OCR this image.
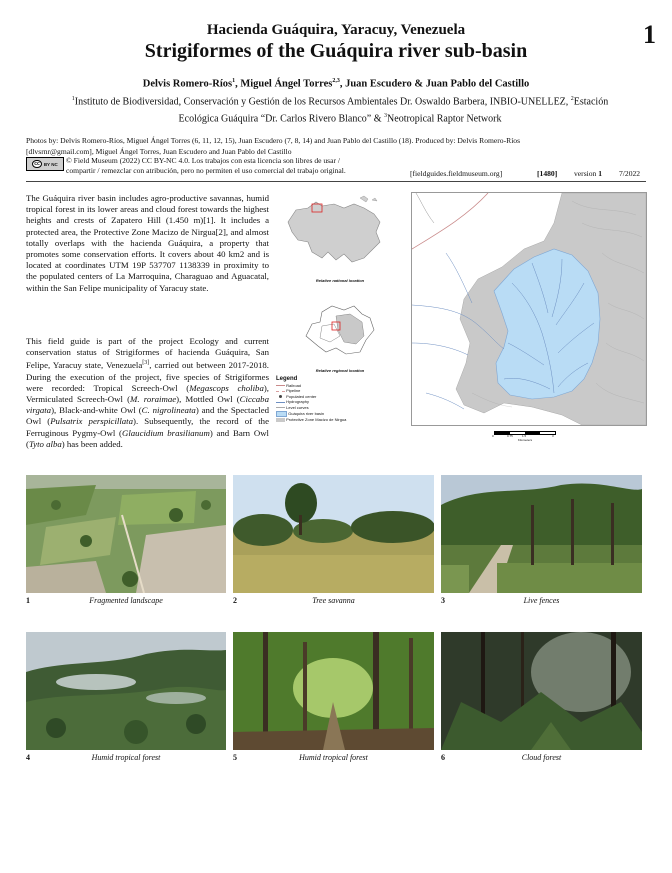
Hacienda Guáquira, Yaracuy, Venezuela	1
Strigiformes of the Guáquira river sub-basin
Delvis Romero-Ríos$^1$, Miguel Ángel Torres$^{2,3}$, Juan Escudero & Juan Pablo del Castillo
$^1$Instituto de Biodiversidad, Conservación y Gestión de los Recursos Ambientales Dr. Oswaldo Barbera, INBIO-UNELLEZ, $^2$Estación
Ecológica Guáquira “Dr. Carlos Rivero Blanco” & $^3$Neotropical Raptor Network
Photos by: Delvis Romero-Ríos, Miguel Ángel Torres (6, 11, 12, 15), Juan Escudero (7, 8, 14) and Juan Pablo del Castillo (18). Produced by: Delvis Romero-Ríos
[dlvsrnr@gmail.com], Miguel Ángel Torres, Juan Escudero and Juan Pablo del Castillo
cc BY NC © Field Museum (2022) CC BY-NC 4.0. Los trabajos con esta licencia son libres de usar /
compartir / remezclar con atribución, pero no permiten el uso comercial del trabajo original.	[fieldguides.fieldmuseum.org]	[1480] version 1 7/2022
The Guáquira river basin includes agro-productive savannas, humid tropical forest in its lower areas and cloud forest towards the highest heights and crests of Zapatero Hill (1.450 m)[1]. It includes a protected area, the Protective Zone Macizo de Nirgua[2], and almost totally overlaps with the hacienda Guáquira, a property that promotes some conservation efforts. It covers about 40 km2 and is located at coordinates UTM 19P 537707 1138339 in proximity to the populated centers of La Marroquina, Charaguao and Aguacatal, within the San Felipe municipality of Yaracuy state.
This field guide is part of the project Ecology and current conservation status of Strigiformes of hacienda Guáquira, San Felipe, Yaracuy state, Venezuela[3], carried out between 2017-2018. During the execution of the project, five species of Strigiformes were recorded: Tropical Screech-Owl (Megascops choliba), Vermiculated Screech-Owl (M. roraimae), Mottled Owl (Ciccaba virgata), Black-and-white Owl (C. nigrolineata) and the Spectacled Owl (Pulsatrix perspicillata). Subsequently, the record of the Ferruginous Pygmy-Owl (Glaucidium brasilianum) and Barn Owl (Tyto alba) has been added.
Relative national location
Relative regional location
Legend
Railroad
Pipeline
Populated center
Hydrography
Level curves
Guáquira river basin
Protective Zone Macizo de Nirgua
0	0.75	1.5	3
Kilometers
1	Fragmented landscape	2	Tree savanna	3	Live fences
4	Humid tropical forest	5	Humid tropical forest	6	Cloud forest
